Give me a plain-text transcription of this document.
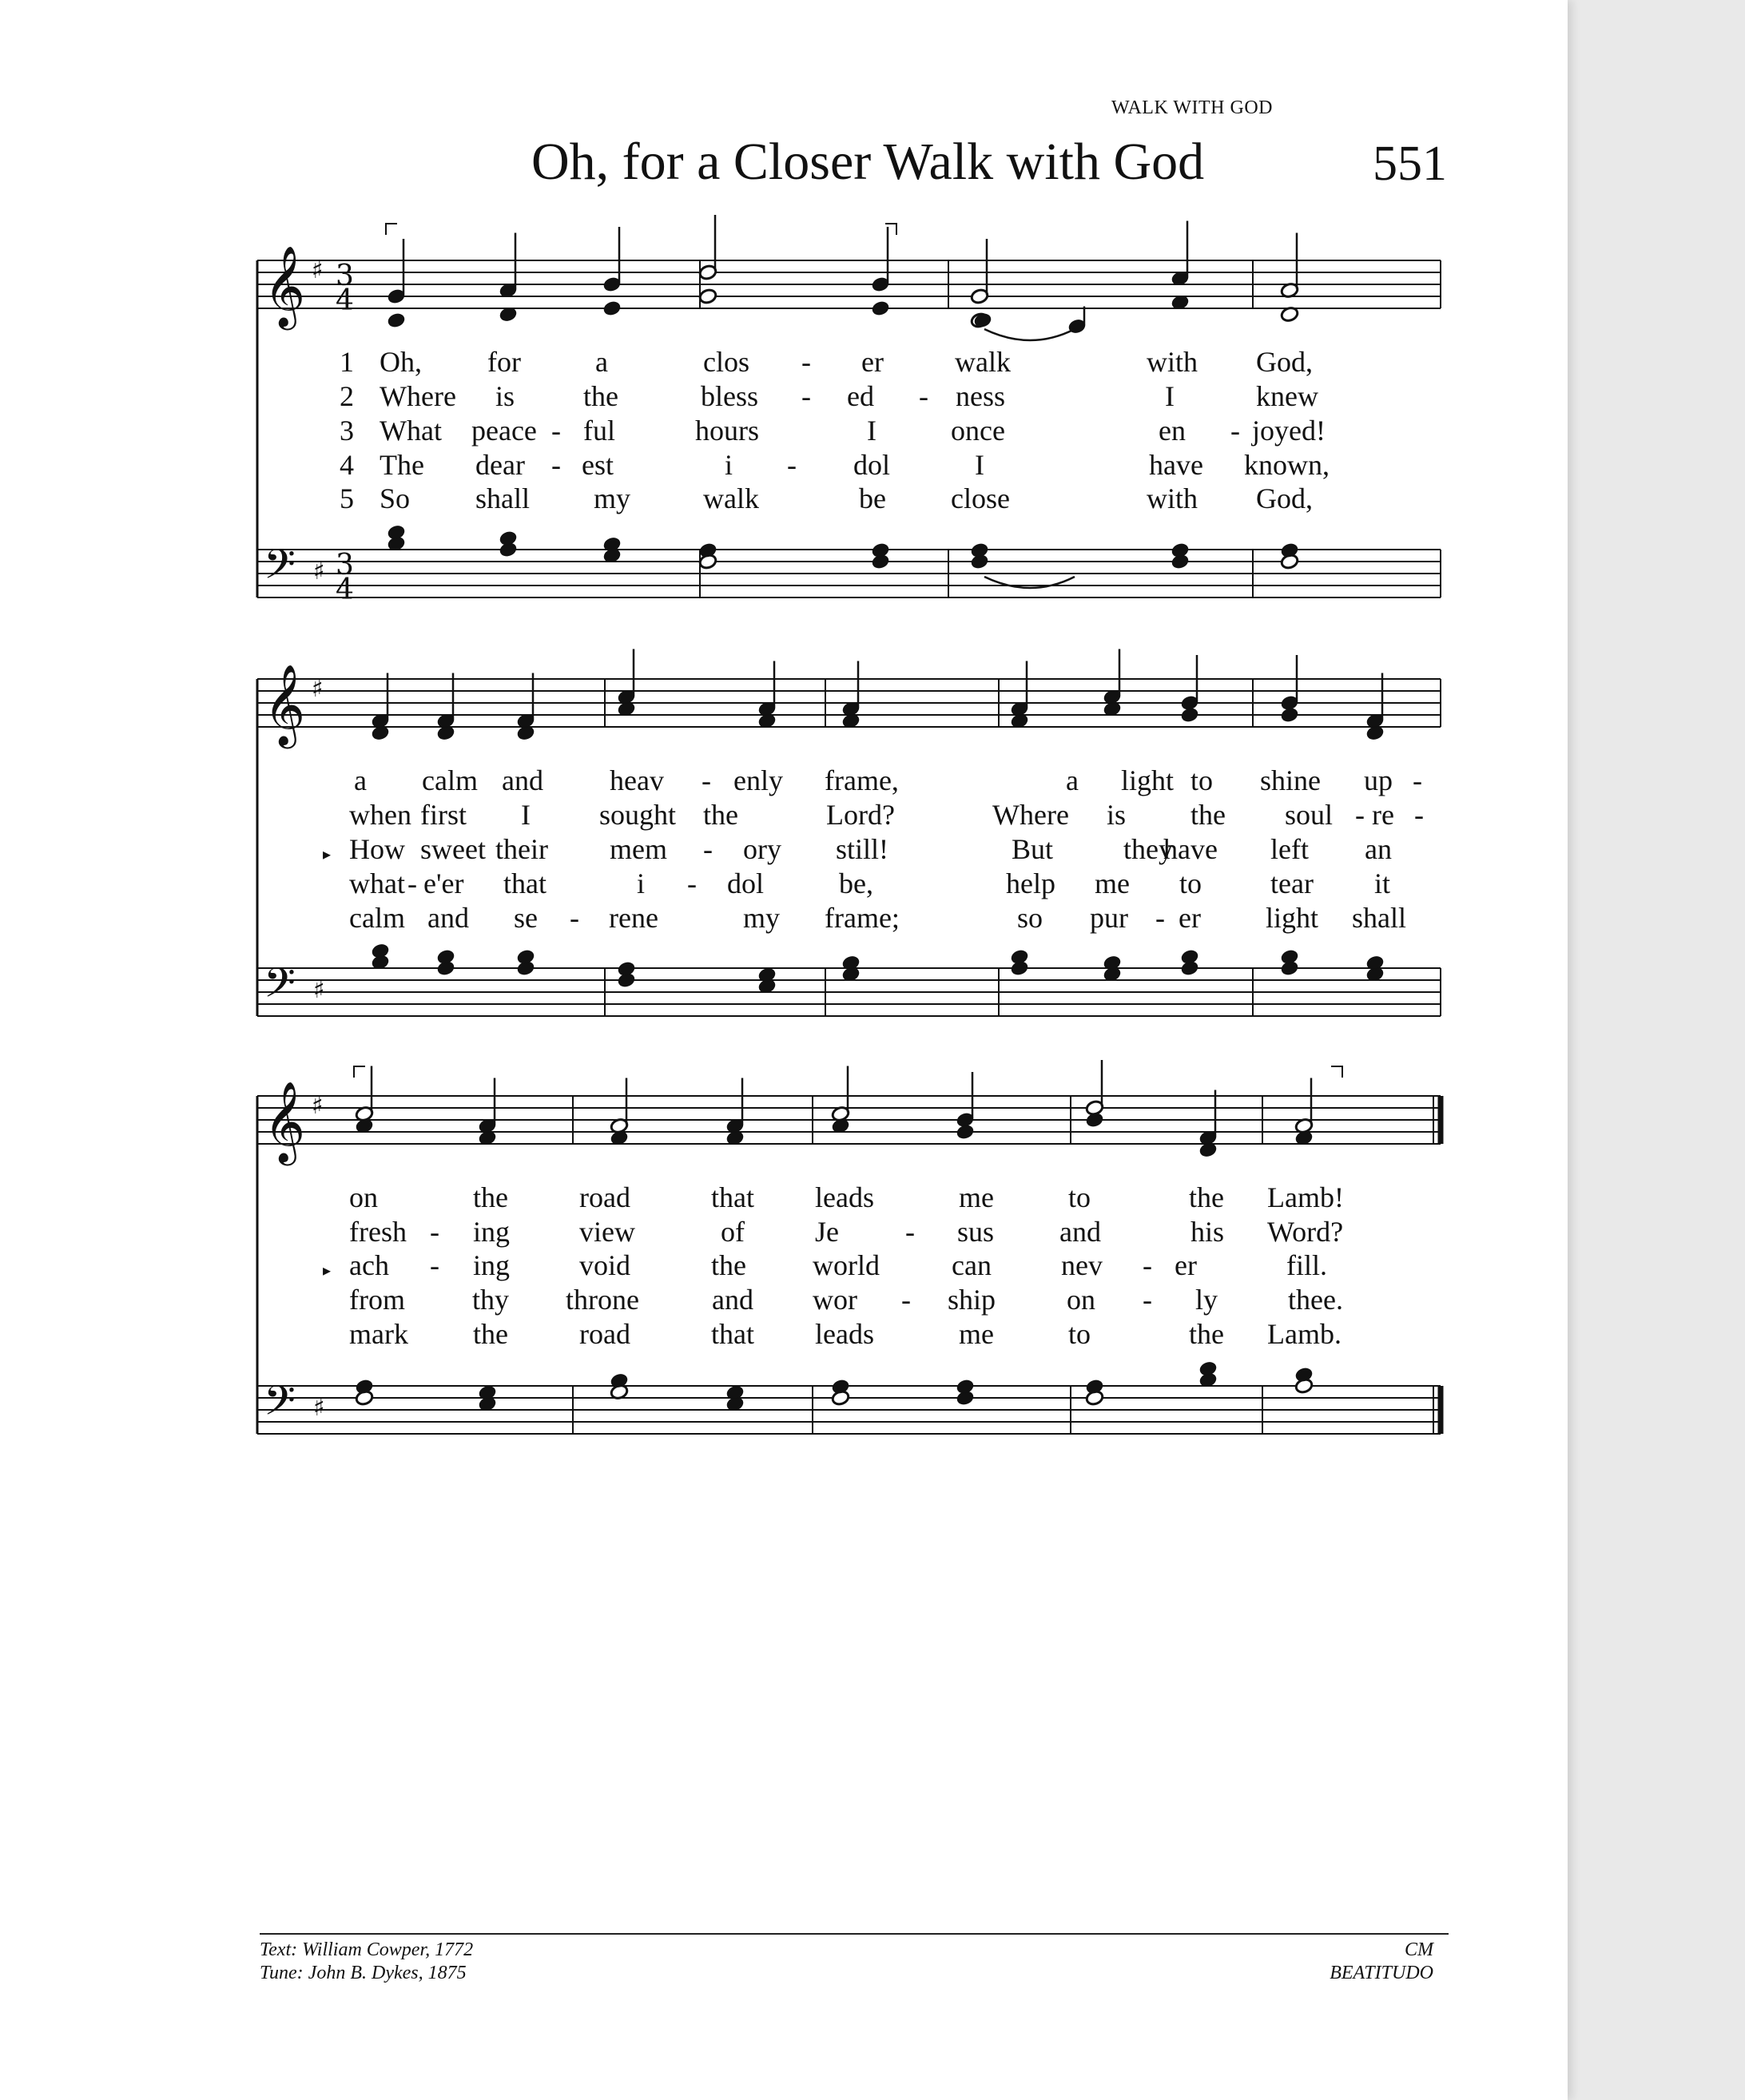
WALK WITH GOD
Oh, for a Closer Walk with God	551
𝄞
𝄢
♯
♯
3
4
3
4
𝄞
𝄢
♯
♯
𝄞
𝄢
♯
♯
1
2
3
4
5
Oh, for	a	clos - er walk	with God,
Where is the	bless - ed - ness	I	knew
What peace - ful	hours	I	once	en - joyed!
The dear - est	i - dol	I	have known,
So shall my	walk	be close	with God,
a calm and heav - enly frame,	a light to shine up -
when first I sought the	Lord?	Where is the soul - re -
How sweet their mem - ory still!	But they
have left an
what - e'er that	i - dol	be,	help me to tear it
calm and se - rene	my frame;	so pur - er light shall
on	the road	that leads	me	to	the Lamb!
fresh - ing view	of Je - sus and	his Word?
ach - ing void	the world	can nev - er	fill.
from thy throne	and wor - ship on - ly thee.
mark the road	that leads	me	to	the Lamb.
▸
▸
Text: William Cowper, 1772
Tune: John B. Dykes, 1875
CM
BEATITUDO
